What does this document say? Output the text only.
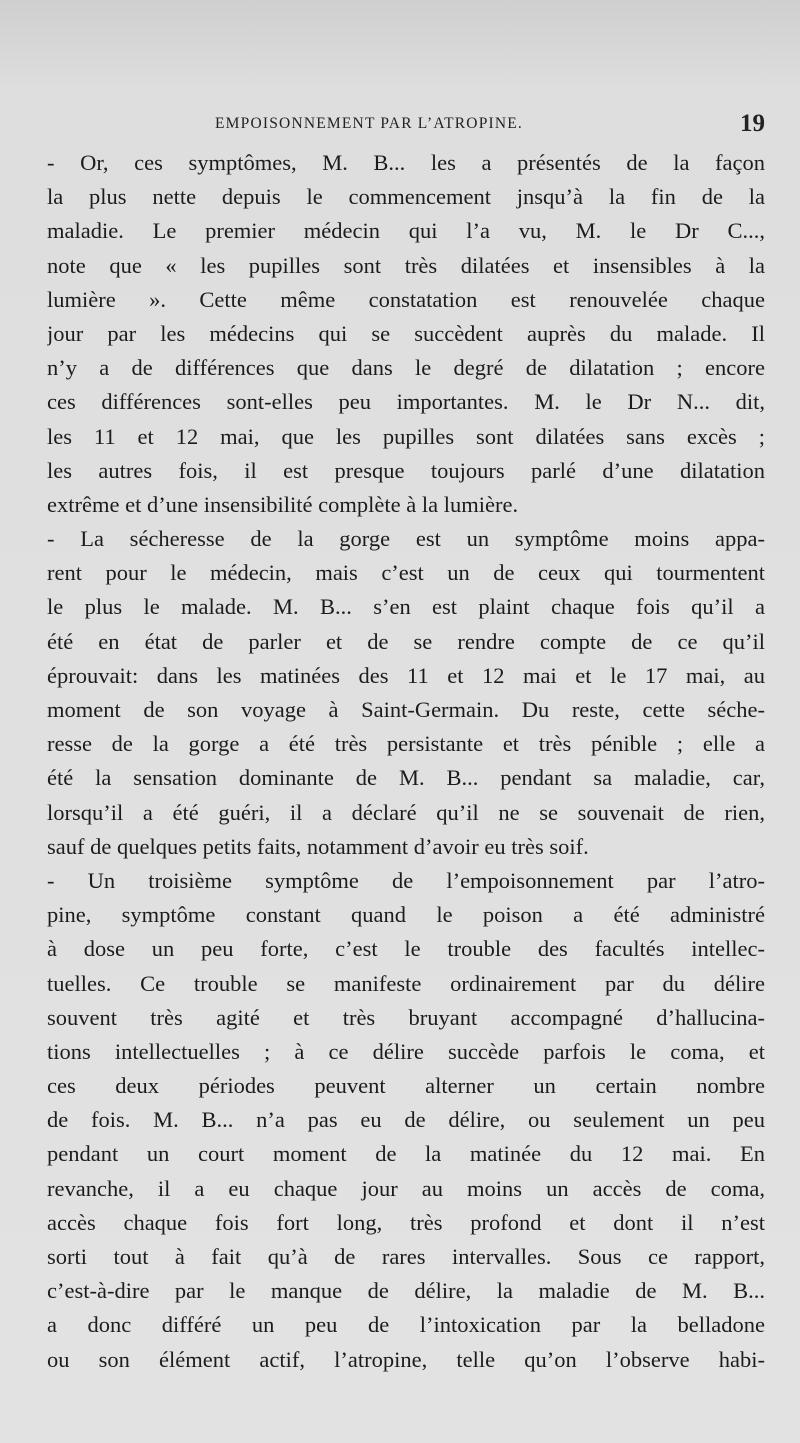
EMPOISONNEMENT PAR L’ATROPINE.	19
- Or, ces symptômes, M. B... les a présentés de la façon
la plus nette depuis le commencement jnsqu’à la fin de la
maladie. Le premier médecin qui l’a vu, M. le Dr C...,
note que « les pupilles sont très dilatées et insensibles à la
lumière ». Cette même constatation est renouvelée chaque
jour par les médecins qui se succèdent auprès du malade. Il
n’y a de différences que dans le degré de dilatation ; encore
ces différences sont-elles peu importantes. M. le Dr N... dit,
les 11 et 12 mai, que les pupilles sont dilatées sans excès ;
les autres fois, il est presque toujours parlé d’une dilatation
extrême et d’une insensibilité complète à la lumière.
- La sécheresse de la gorge est un symptôme moins appa-
rent pour le médecin, mais c’est un de ceux qui tourmentent
le plus le malade. M. B... s’en est plaint chaque fois qu’il a
été en état de parler et de se rendre compte de ce qu’il
éprouvait: dans les matinées des 11 et 12 mai et le 17 mai, au
moment de son voyage à Saint-Germain. Du reste, cette séche-
resse de la gorge a été très persistante et très pénible ; elle a
été la sensation dominante de M. B... pendant sa maladie, car,
lorsqu’il a été guéri, il a déclaré qu’il ne se souvenait de rien,
sauf de quelques petits faits, notamment d’avoir eu très soif.
- Un troisième symptôme de l’empoisonnement par l’atro-
pine, symptôme constant quand le poison a été administré
à dose un peu forte, c’est le trouble des facultés intellec-
tuelles. Ce trouble se manifeste ordinairement par du délire
souvent très agité et très bruyant accompagné d’hallucina-
tions intellectuelles ; à ce délire succède parfois le coma, et
ces deux périodes peuvent alterner un certain nombre
de fois. M. B... n’a pas eu de délire, ou seulement un peu
pendant un court moment de la matinée du 12 mai. En
revanche, il a eu chaque jour au moins un accès de coma,
accès chaque fois fort long, très profond et dont il n’est
sorti tout à fait qu’à de rares intervalles. Sous ce rapport,
c’est-à-dire par le manque de délire, la maladie de M. B...
a donc différé un peu de l’intoxication par la belladone
ou son élément actif, l’atropine, telle qu’on l’observe habi-
